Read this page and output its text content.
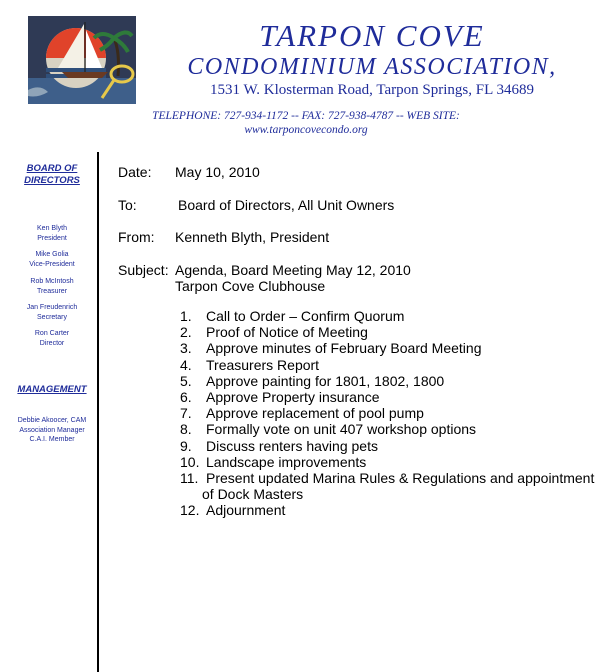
TARPON COVE
CONDOMINIUM ASSOCIATION,
1531 W. Klosterman Road, Tarpon Springs, FL 34689
TELEPHONE: 727-934-1172 -- FAX: 727-938-4787 -- WEB SITE:
www.tarponcovecondo.org
BOARD OF
DIRECTORS
Ken Blyth
President
Mike Golia
Vice-President
Rob McIntosh
Treasurer
Jan Freudenrich
Secretary
Ron Carter
Director
MANAGEMENT
Debbie Akoocer, CAM
Association Manager
C.A.I. Member
Date: May 10, 2010
To:	Board of Directors, All Unit Owners
From: Kenneth Blyth, President
Subject: Agenda, Board Meeting May 12, 2010
Tarpon Cove Clubhouse
1. Call to Order – Confirm Quorum
2. Proof of Notice of Meeting
3. Approve minutes of February Board Meeting
4. Treasurers Report
5. Approve painting for 1801, 1802, 1800
6. Approve Property insurance
7. Approve replacement of pool pump
8. Formally vote on unit 407 workshop options
9. Discuss renters having pets
10. Landscape improvements
11. Present updated Marina Rules & Regulations and appointment
of Dock Masters
12. Adjournment
